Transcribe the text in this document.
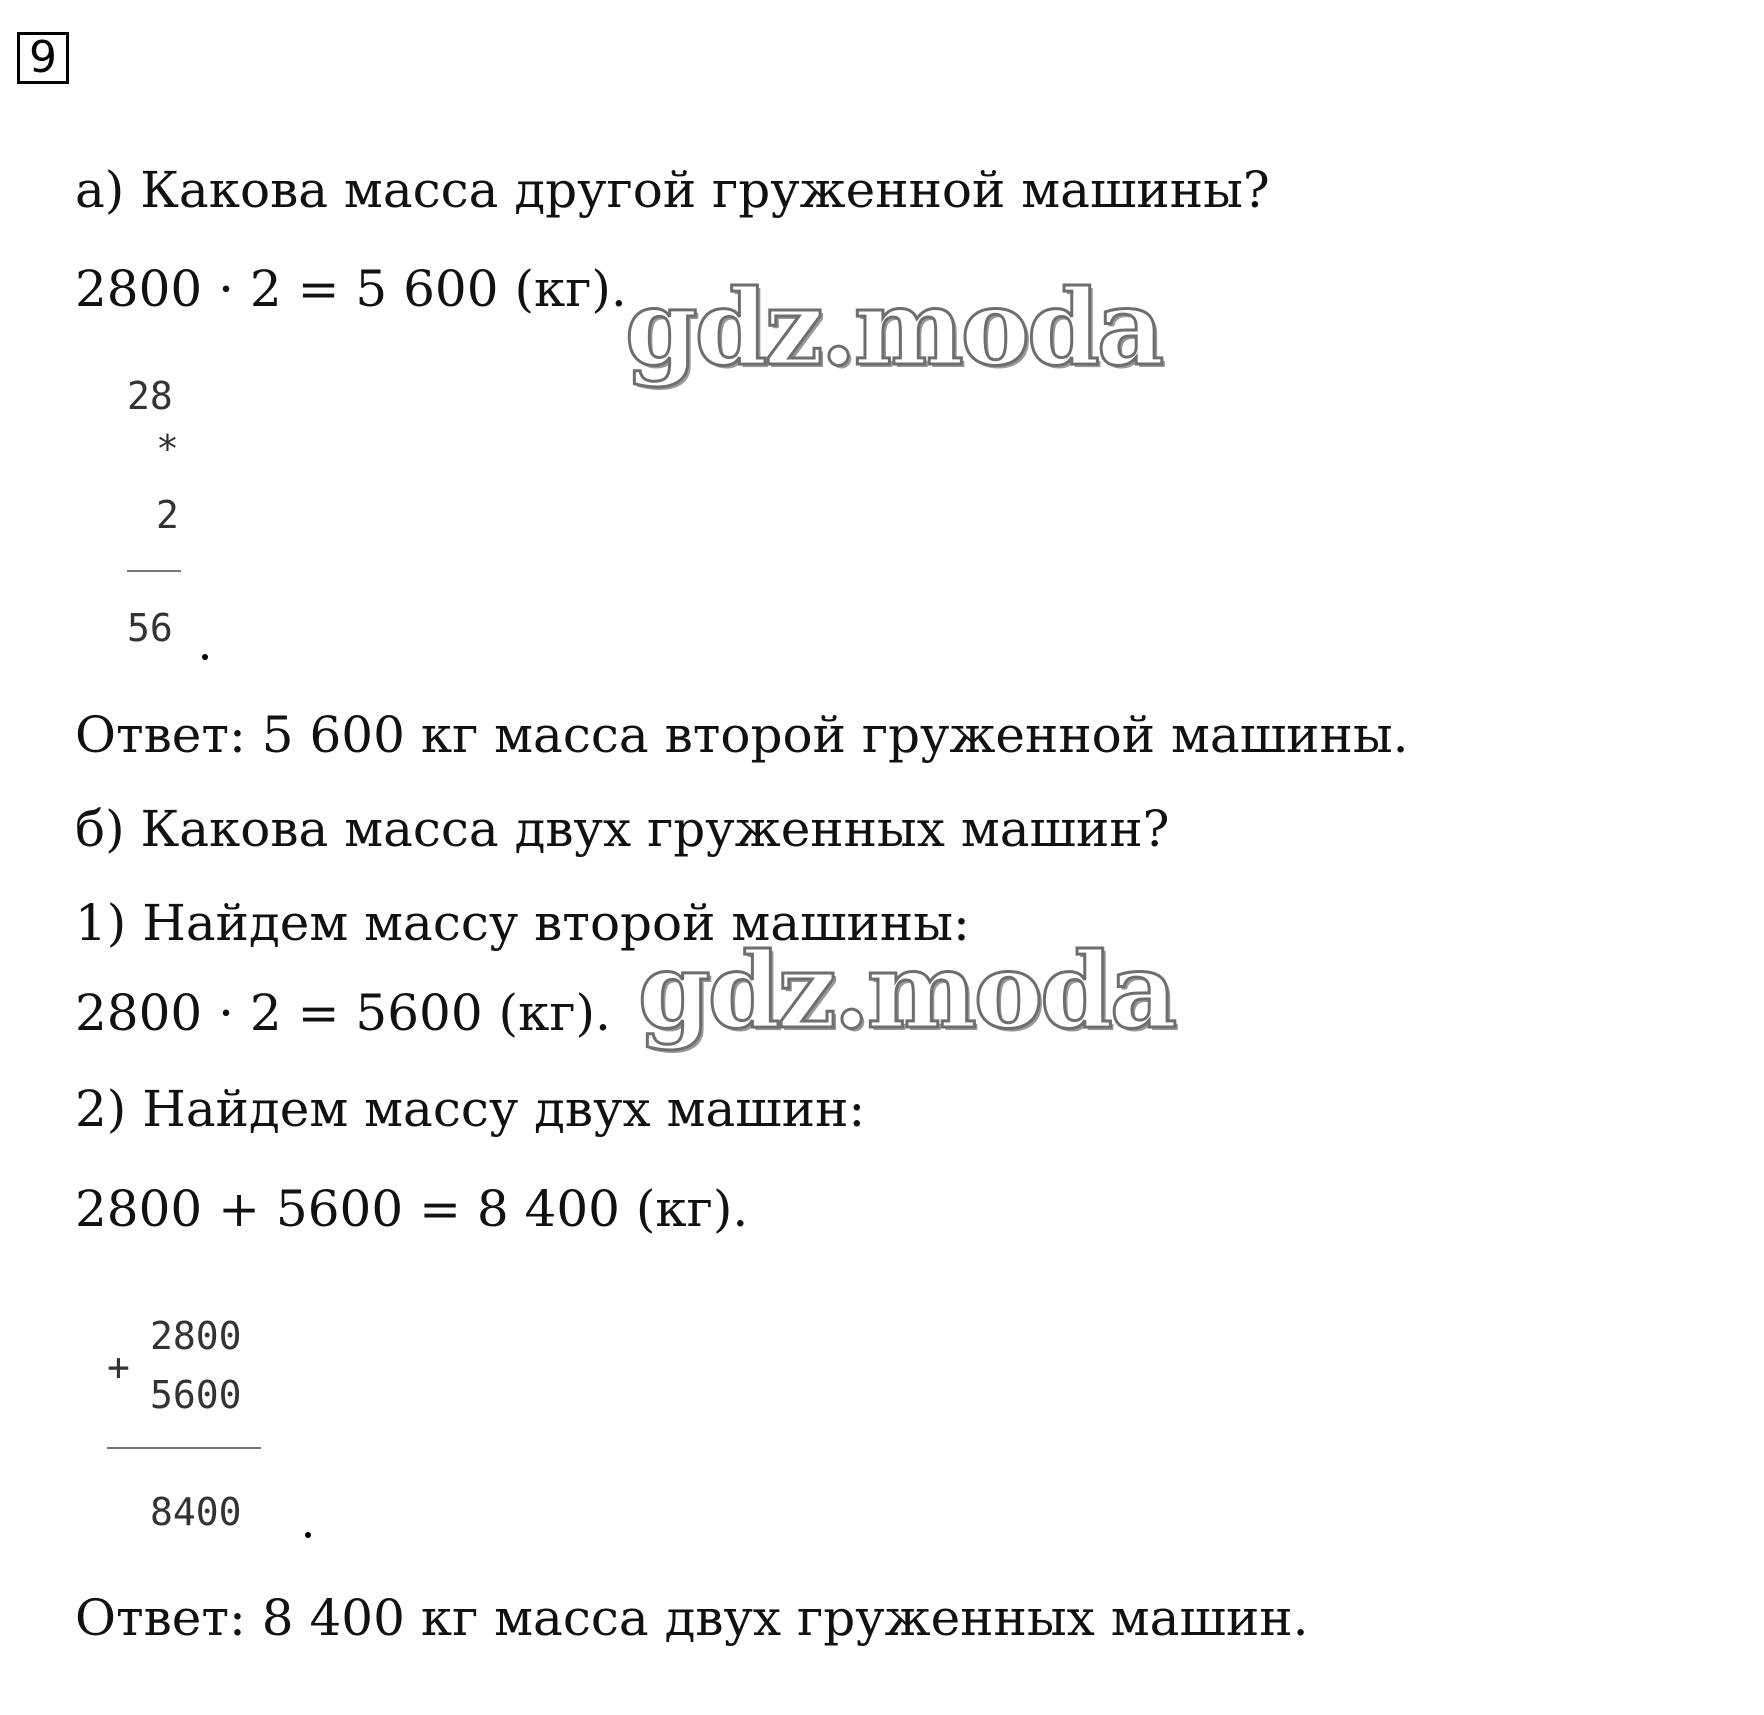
9
а) Какова масса другой груженной машины?
2800 · 2 = 5 600 (кг).
28
*
2
56
Ответ: 5 600 кг масса второй груженной машины.
б) Какова масса двух груженных машин?
1) Найдем массу второй машины:
2800 · 2 = 5600 (кг).
2) Найдем массу двух машин:
2800 + 5600 = 8 400 (кг).
+
2800
5600
8400
Ответ: 8 400 кг масса двух груженных машин.
gdz.moda
gdz.moda
